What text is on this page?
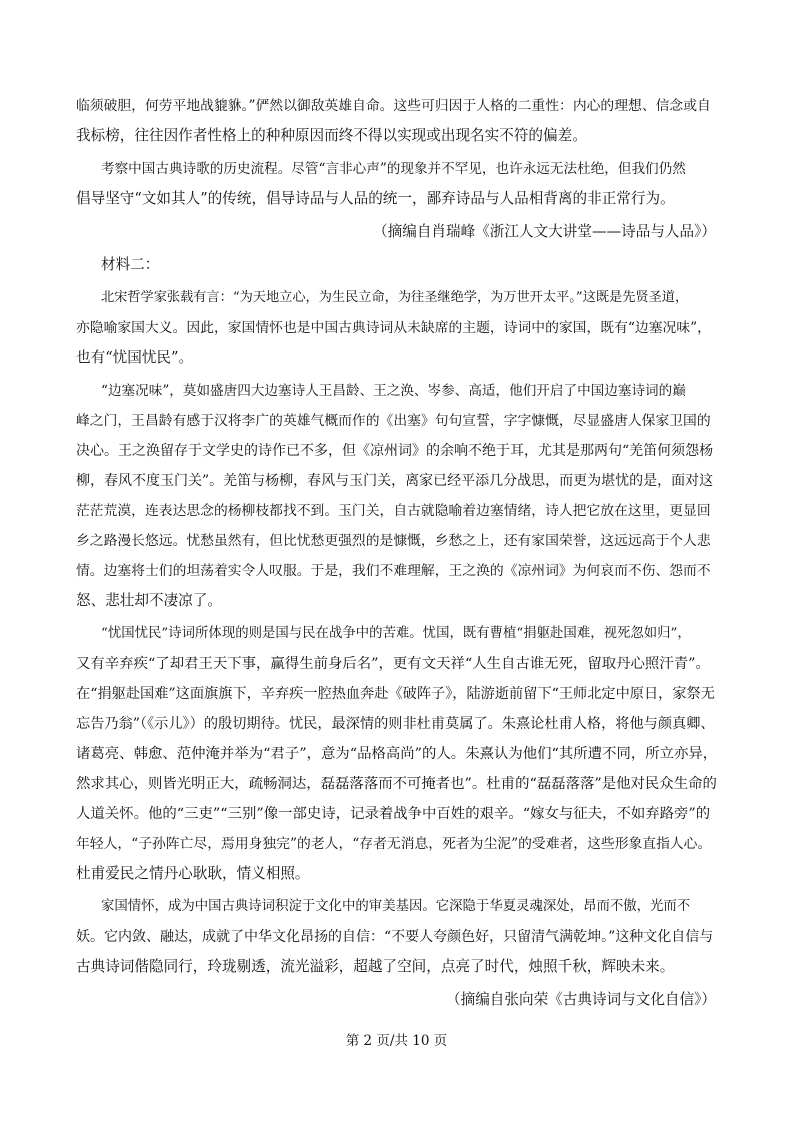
临须破胆，何劳平地战貔貅。”俨然以御敌英雄自命。这些可归因于人格的二重性：内心的理想、信念或自
我标榜，往往因作者性格上的种种原因而终不得以实现或出现名实不符的偏差。
考察中国古典诗歌的历史流程。尽管“言非心声”的现象并不罕见，也许永远无法杜绝，但我们仍然
倡导坚守“文如其人”的传统，倡导诗品与人品的统一，鄙弃诗品与人品相背离的非正常行为。
（摘编自肖瑞峰《浙江人文大讲堂——诗品与人品》）
材料二：
北宋哲学家张载有言：“为天地立心，为生民立命，为往圣继绝学，为万世开太平。”这既是先贤圣道，
亦隐喻家国大义。因此，家国情怀也是中国古典诗词从未缺席的主题，诗词中的家国，既有“边塞况味”，
也有“忧国忧民”。
“边塞况味”，莫如盛唐四大边塞诗人王昌龄、王之涣、岑参、高适，他们开启了中国边塞诗词的巅
峰之门，王昌龄有感于汉将李广的英雄气概而作的《出塞》句句宣誓，字字慷慨，尽显盛唐人保家卫国的
决心。王之涣留存于文学史的诗作已不多，但《凉州词》的余响不绝于耳，尤其是那两句“羌笛何须怨杨
柳，春风不度玉门关”。羌笛与杨柳，春风与玉门关，离家已经平添几分战思，而更为堪忧的是，面对这
茫茫荒漠，连表达思念的杨柳枝都找不到。玉门关，自古就隐喻着边塞情绪，诗人把它放在这里，更显回
乡之路漫长悠远。忧愁虽然有，但比忧愁更强烈的是慷慨，乡愁之上，还有家国荣誉，这远远高于个人悲
情。边塞将士们的坦荡着实令人叹服。于是，我们不难理解，王之涣的《凉州词》为何哀而不伤、怨而不
怒、悲壮却不凄凉了。
“忧国忧民”诗词所体现的则是国与民在战争中的苦难。忧国，既有曹植“捐躯赴国难，视死忽如归”，
又有辛弃疾“了却君王天下事，赢得生前身后名”，更有文天祥“人生自古谁无死，留取丹心照汗青”。
在“捐躯赴国难”这面旗旗下，辛弃疾一腔热血奔赴《破阵子》，陆游逝前留下“王师北定中原日，家祭无
忘告乃翁”（《示儿》）的殷切期待。忧民，最深情的则非杜甫莫属了。朱熹论杜甫人格，将他与颜真卿、
诸葛亮、韩愈、范仲淹并举为“君子”，意为“品格高尚”的人。朱熹认为他们“其所遭不同，所立亦异，
然求其心，则皆光明正大，疏畅洞达，磊磊落落而不可掩者也”。杜甫的“磊磊落落”是他对民众生命的
人道关怀。他的“三吏”“三别”像一部史诗，记录着战争中百姓的艰辛。“嫁女与征夫，不如弃路旁”的
年轻人，“子孙阵亡尽，焉用身独完”的老人，“存者无消息，死者为尘泥”的受难者，这些形象直指人心。
杜甫爱民之情丹心耿耿，情义相照。
家国情怀，成为中国古典诗词积淀于文化中的审美基因。它深隐于华夏灵魂深处，昂而不傲，光而不
妖。它内敛、融达，成就了中华文化昂扬的自信：“不要人夸颜色好，只留清气满乾坤。”这种文化自信与
古典诗词偕隐同行，玲珑剔透，流光溢彩，超越了空间，点亮了时代，烛照千秋，辉映未来。
（摘编自张向荣《古典诗词与文化自信》）
第 2 页/共 10 页
